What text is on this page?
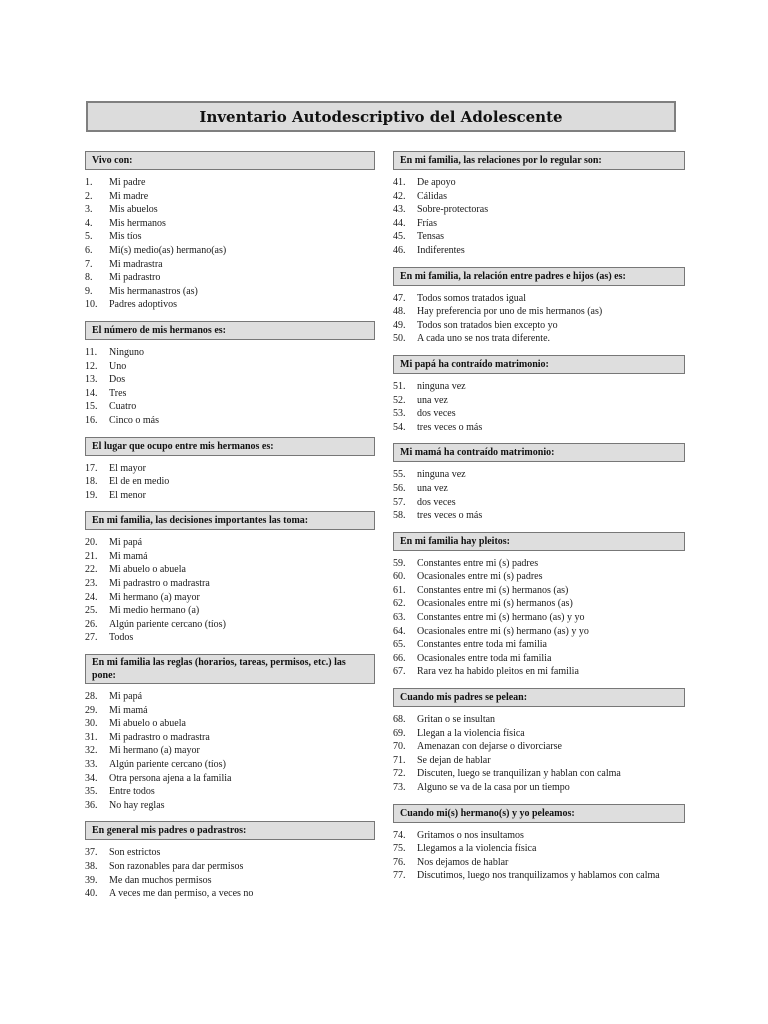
Inventario Autodescriptivo del Adolescente
Vivo con:
1.	Mi padre
2.	Mi madre
3.	Mis abuelos
4.	Mis hermanos
5.	Mis tíos
6.	Mi(s) medio(as) hermano(as)
7.	Mi madrastra
8.	Mi padrastro
9.	Mis hermanastros (as)
10.	Padres adoptivos
El número de mis hermanos es:
11.	Ninguno
12.	Uno
13.	Dos
14.	Tres
15.	Cuatro
16.	Cinco o más
El lugar que ocupo entre mis hermanos es:
17.	El mayor
18.	El de en medio
19.	El menor
En mi familia, las decisiones importantes las toma:
20.	Mi papá
21.	Mi mamá
22.	Mi abuelo o abuela
23.	Mi padrastro o madrastra
24.	Mi hermano (a) mayor
25.	Mi medio hermano (a)
26.	Algún pariente cercano (tíos)
27.	Todos
En mi familia las reglas (horarios, tareas, permisos, etc.) las pone:
28.	Mi papá
29.	Mi mamá
30.	Mi abuelo o abuela
31.	Mi padrastro o madrastra
32.	Mi hermano (a) mayor
33.	Algún pariente cercano (tíos)
34.	Otra persona ajena a la familia
35.	Entre todos
36.	No hay reglas
En general mis padres o padrastros:
37.	Son estrictos
38.	Son razonables para dar permisos
39.	Me dan muchos permisos
40.	A veces me dan permiso, a veces no
En mi familia, las relaciones por lo regular son:
41.	De apoyo
42.	Cálidas
43.	Sobre-protectoras
44.	Frías
45.	Tensas
46.	Indiferentes
En mi familia, la relación entre padres e hijos (as) es:
47.	Todos somos tratados igual
48.	Hay preferencia por uno de mis hermanos (as)
49.	Todos son tratados bien excepto yo
50.	A cada uno se nos trata diferente.
Mi papá ha contraído matrimonio:
51.	ninguna vez
52.	una vez
53.	dos veces
54.	tres veces o más
Mi mamá ha contraído matrimonio:
55.	ninguna vez
56.	una vez
57.	dos veces
58.	tres veces o más
En mi familia hay pleitos:
59.	Constantes entre mi (s) padres
60.	Ocasionales entre mi (s) padres
61.	Constantes entre mi (s) hermanos (as)
62.	Ocasionales entre mi (s) hermanos (as)
63.	Constantes entre mi (s) hermano (as) y yo
64.	Ocasionales entre mi (s) hermano (as) y yo
65.	Constantes entre toda mi familia
66.	Ocasionales entre toda mi familia
67.	Rara vez ha habido pleitos en mi familia
Cuando mis padres se pelean:
68.	Gritan o se insultan
69.	Llegan a la violencia física
70.	Amenazan con dejarse o divorciarse
71.	Se dejan de hablar
72.	Discuten, luego se tranquilizan y hablan con calma
73.	Alguno se va de la casa por un tiempo
Cuando mi(s) hermano(s) y yo peleamos:
74.	Gritamos o nos insultamos
75.	Llegamos a la violencia física
76.	Nos dejamos de hablar
77.	Discutimos, luego nos tranquilizamos y hablamos con calma
